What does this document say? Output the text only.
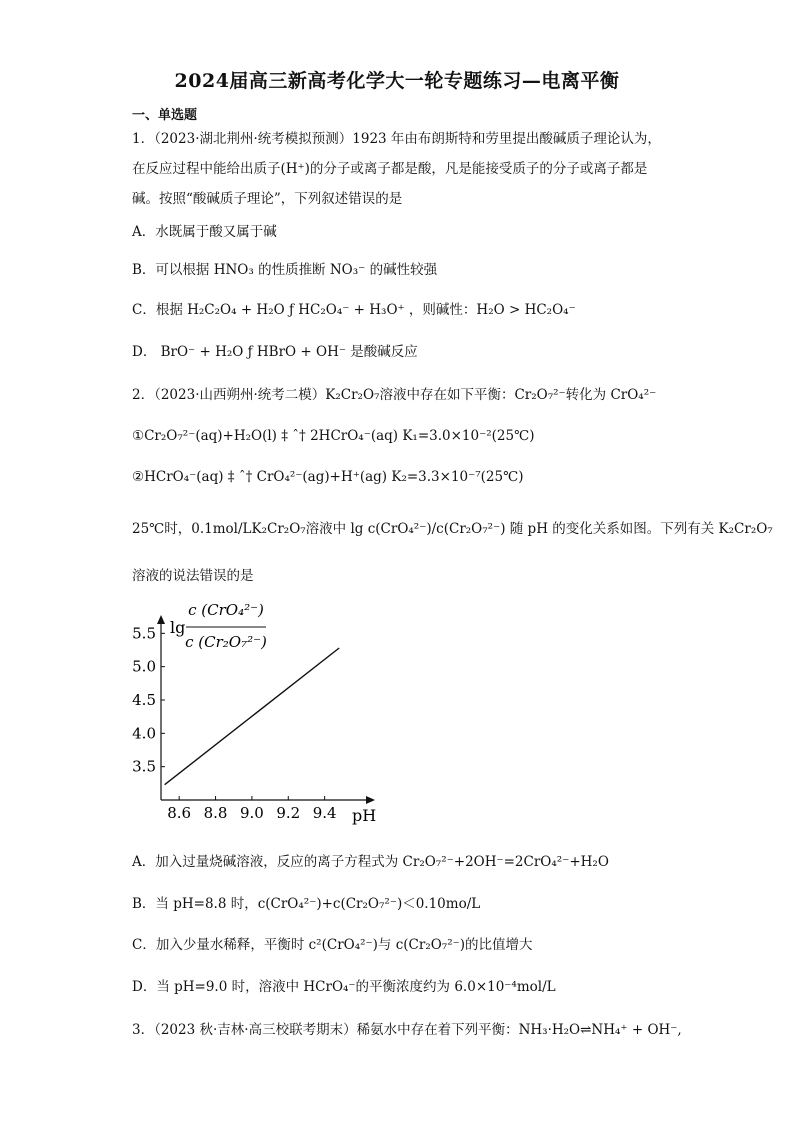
2024届高三新高考化学大一轮专题练习—电离平衡
一、单选题
1．（2023·湖北荆州·统考模拟预测）1923 年由布朗斯特和劳里提出酸碱质子理论认为，
在反应过程中能给出质子(H⁺)的分子或离子都是酸，凡是能接受质子的分子或离子都是
碱。按照“酸碱质子理论”，下列叙述错误的是
A．水既属于酸又属于碱
B．可以根据 HNO₃ 的性质推断 NO₃⁻ 的碱性较强
C．根据 H₂C₂O₄ + H₂O ƒ HC₂O₄⁻ + H₃O⁺ ，则碱性：H₂O > HC₂O₄⁻
D． BrO⁻ + H₂O ƒ HBrO + OH⁻ 是酸碱反应
2．（2023·山西朔州·统考二模）K₂Cr₂O₇溶液中存在如下平衡：Cr₂O₇²⁻转化为 CrO₄²⁻
①Cr₂O₇²⁻(aq)+H₂O(l) ‡ ˆ† 2HCrO₄⁻(aq) K₁=3.0×10⁻²(25℃)
②HCrO₄⁻(aq) ‡ ˆ† CrO₄²⁻(ag)+H⁺(ag) K₂=3.3×10⁻⁷(25℃)
25℃时，0.1mol/LK₂Cr₂O₇溶液中 lg c(CrO₄²⁻)/c(Cr₂O₇²⁻) 随 pH 的变化关系如图。下列有关 K₂Cr₂O₇
溶液的说法错误的是
8.6 8.8 9.0 9.2 9.4
3.5
4.0
4.5
5.0
5.5 lg
c (CrO₄²⁻)
c (Cr₂O₇²⁻)
pH
A．加入过量烧碱溶液，反应的离子方程式为 Cr₂O₇²⁻+2OH⁻=2CrO₄²⁻+H₂O
B．当 pH=8.8 时，c(CrO₄²⁻)+c(Cr₂O₇²⁻)＜0.10mo/L
C．加入少量水稀释，平衡时 c²(CrO₄²⁻)与 c(Cr₂O₇²⁻)的比值增大
D．当 pH=9.0 时，溶液中 HCrO₄⁻的平衡浓度约为 6.0×10⁻⁴mol/L
3．（2023 秋·吉林·高三校联考期末）稀氨水中存在着下列平衡：NH₃·H₂O⇌NH₄⁺ + OH⁻,
